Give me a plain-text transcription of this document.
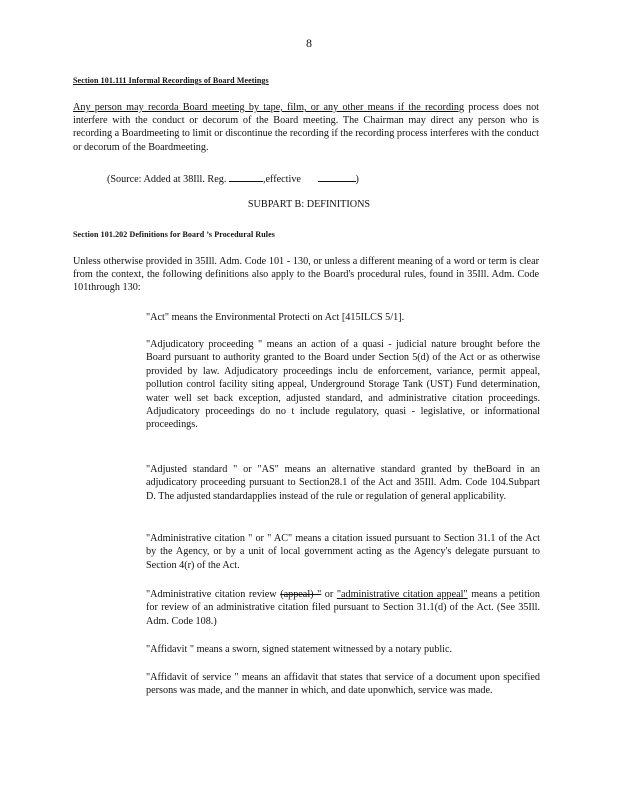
8
Section 101.111 Informal Recordings of Board Meetings
Any person may recorda Board meeting by tape, film, or any other means if the recording process does not interfere with the conduct or decorum of the Board meeting. The Chairman may direct any person who is recording a Boardmeeting to limit or discontinue the recording if the recording process interferes with the conduct or decorum of the Boardmeeting.
(Source: Added at 38Ill. Reg.	,effective	)
SUBPART B: DEFINITIONS
Section 101.202 Definitions for Board ’s Procedural Rules
Unless otherwise provided in 35Ill. Adm. Code 101 - 130, or unless a different meaning of a word or term is clear from the context, the following definitions also apply to the Board's procedural rules, found in 35Ill. Adm. Code 101through 130:
"Act" means the Environmental Protecti on Act [415ILCS 5/1].
"Adjudicatory proceeding " means an action of a quasi - judicial nature brought before the Board pursuant to authority granted to the Board under Section 5(d) of the Act or as otherwise provided by law. Adjudicatory proceedings inclu de enforcement, variance, permit appeal, pollution control facility siting appeal, Underground Storage Tank (UST) Fund determination, water well set back exception, adjusted standard, and administrative citation proceedings. Adjudicatory proceedings do no t include regulatory, quasi - legislative, or informational proceedings.
"Adjusted standard " or "AS" means an alternative standard granted by theBoard in an adjudicatory proceeding pursuant to Section28.1 of the Act and 35Ill. Adm. Code 104.Subpart D. The adjusted standardapplies instead of the rule or regulation of general applicability.
"Administrative citation " or " AC" means a citation issued pursuant to Section 31.1 of the Act by the Agency, or by a unit of local government acting as the Agency's delegate pursuant to Section 4(r) of the Act.
"Administrative citation review (appeal) " or "administrative citation appeal" means a petition for review of an administrative citation filed pursuant to Section 31.1(d) of the Act. (See 35Ill. Adm. Code 108.)
"Affidavit " means a sworn, signed statement witnessed by a notary public.
"Affidavit of service " means an affidavit that states that service of a document upon specified persons was made, and the manner in which, and date uponwhich, service was made.
